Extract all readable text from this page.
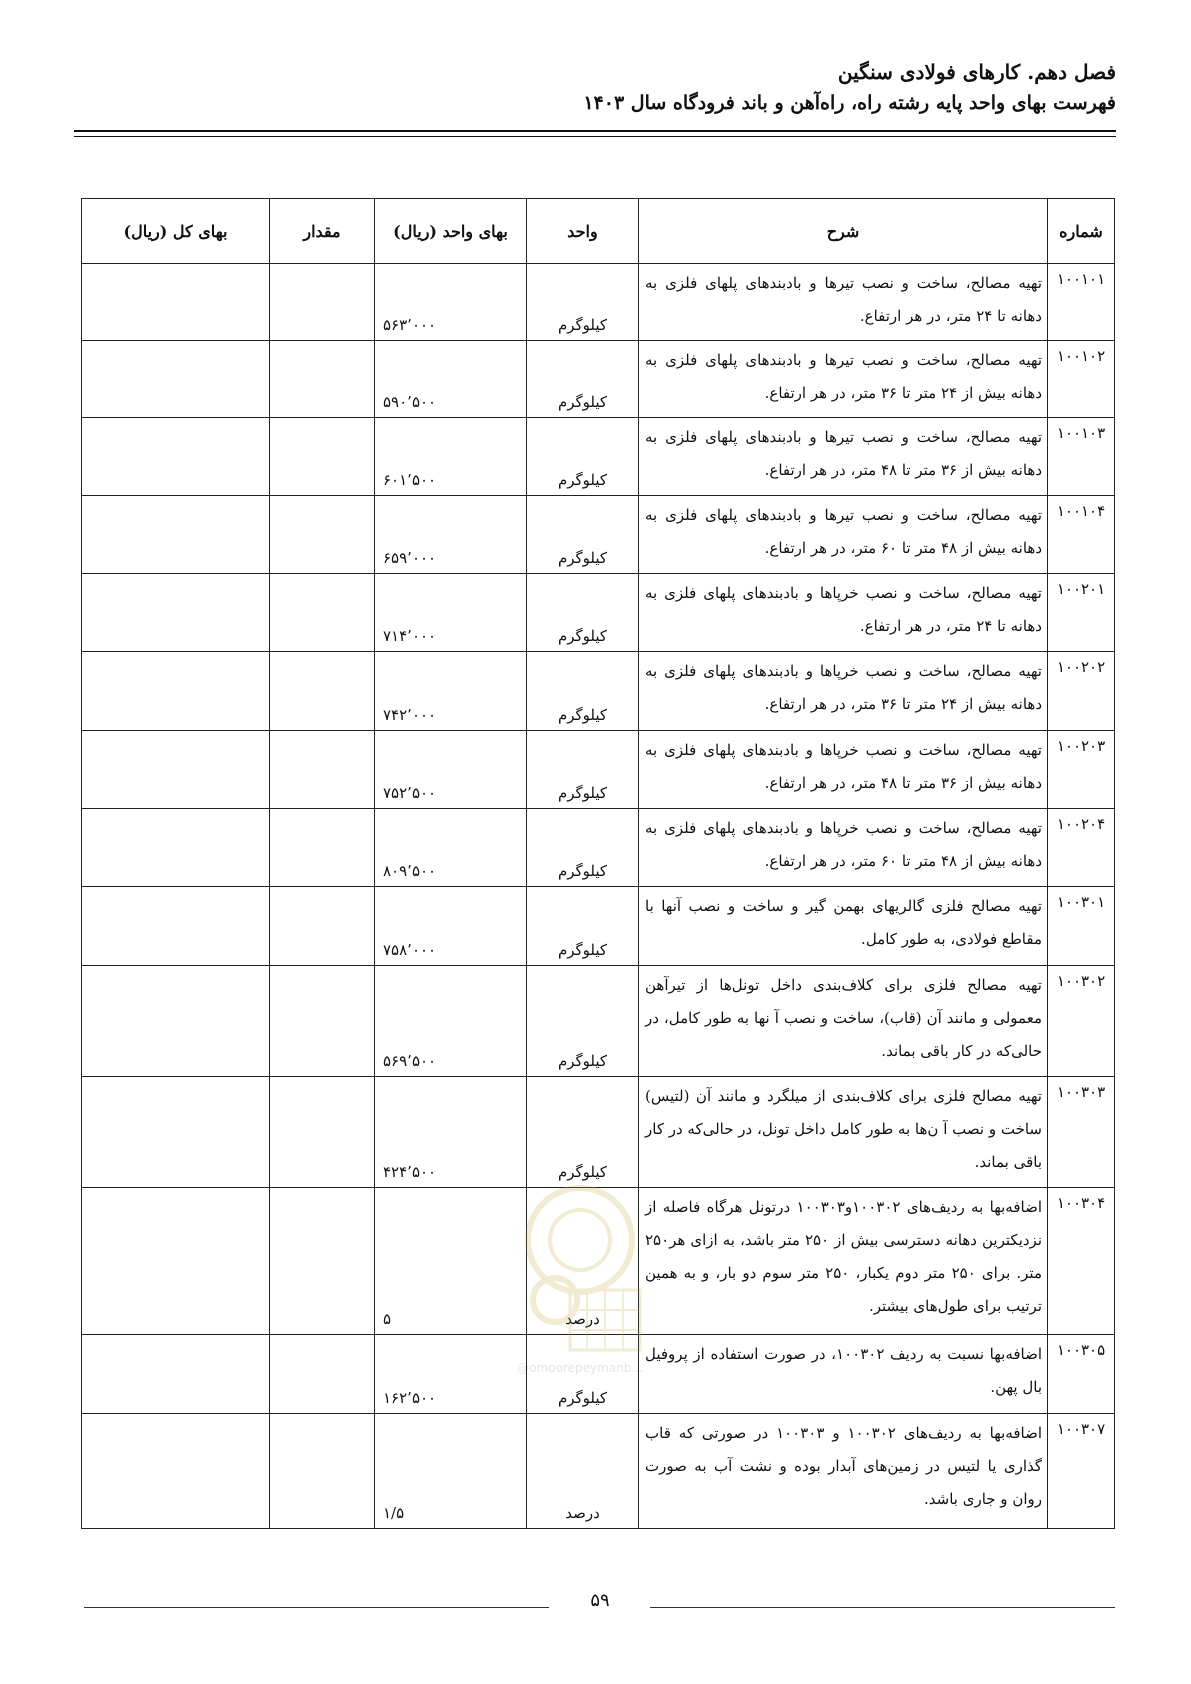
فصل دهم. کارهای فولادی سنگین
فهرست بهای واحد پایه رشته راه، راه‌آهن و باند فرودگاه سال ۱۴۰۳
شماره	شرح	واحد	بهای واحد (ریال)	مقدار	بهای کل (ریال)
۱۰۰۱۰۱	تهیه مصالح، ساخت و نصب تیرها و بادبندهای پلهای فلزی به دهانه تا ۲۴ متر، در هر ارتفاع.	کیلوگرم	۵۶۳٬۰۰۰		
۱۰۰۱۰۲	تهیه مصالح، ساخت و نصب تیرها و بادبندهای پلهای فلزی به دهانه بیش از ۲۴ متر تا ۳۶ متر، در هر ارتفاع.	کیلوگرم	۵۹۰٬۵۰۰		
۱۰۰۱۰۳	تهیه مصالح، ساخت و نصب تیرها و بادبندهای پلهای فلزی به دهانه بیش از ۳۶ متر تا ۴۸ متر، در هر ارتفاع.	کیلوگرم	۶۰۱٬۵۰۰		
۱۰۰۱۰۴	تهیه مصالح، ساخت و نصب تیرها و بادبندهای پلهای فلزی به دهانه بیش از ۴۸ متر تا ۶۰ متر، در هر ارتفاع.	کیلوگرم	۶۵۹٬۰۰۰		
۱۰۰۲۰۱	تهیه مصالح، ساخت و نصب خرپاها و بادبندهای پلهای فلزی به دهانه تا ۲۴ متر، در هر ارتفاع.	کیلوگرم	۷۱۴٬۰۰۰		
۱۰۰۲۰۲	تهیه مصالح، ساخت و نصب خرپاها و بادبندهای پلهای فلزی به دهانه بیش از ۲۴ متر تا ۳۶ متر، در هر ارتفاع.	کیلوگرم	۷۴۲٬۰۰۰		
۱۰۰۲۰۳	تهیه مصالح، ساخت و نصب خرپاها و بادبندهای پلهای فلزی به دهانه بیش از ۳۶ متر تا ۴۸ متر، در هر ارتفاع.	کیلوگرم	۷۵۲٬۵۰۰		
۱۰۰۲۰۴	تهیه مصالح، ساخت و نصب خرپاها و بادبندهای پلهای فلزی به دهانه بیش از ۴۸ متر تا ۶۰ متر، در هر ارتفاع.	کیلوگرم	۸۰۹٬۵۰۰		
۱۰۰۳۰۱	تهیه مصالح فلزی گالریهای بهمن گیر و ساخت و نصب آنها با مقاطع فولادی، به طور کامل.	کیلوگرم	۷۵۸٬۰۰۰		
۱۰۰۳۰۲	تهیه مصالح فلزی برای کلاف‌بندی داخل تونل‌ها از تیرآهن معمولی و مانند آن (قاب)، ساخت و نصب آ نها به طور کامل، در حالی‌که در کار باقی بماند.	کیلوگرم	۵۶۹٬۵۰۰		
۱۰۰۳۰۳	تهیه مصالح فلزی برای کلاف‌بندی از میلگرد و مانند آن (لتیس) ساخت و نصب آ ن‌ها به طور کامل داخل تونل، در حالی‌که در کار باقی بماند.	کیلوگرم	۴۲۴٬۵۰۰		
۱۰۰۳۰۴	اضافه‌بها به ردیف‌های ۱۰۰۳۰۲و۱۰۰۳۰۳ درتونل هرگاه فاصله از نزدیکترین دهانه دسترسی بیش از ۲۵۰ متر باشد، به ازای هر۲۵۰ متر. برای ۲۵۰ متر دوم یکبار، ۲۵۰ متر سوم دو بار، و به همین ترتیب برای طول‌های بیشتر.	درصد	۵		
۱۰۰۳۰۵	اضافه‌بها نسبت به ردیف ۱۰۰۳۰۲، در صورت استفاده از پروفیل بال پهن.	کیلوگرم	۱۶۲٬۵۰۰		
۱۰۰۳۰۷	اضافه‌بها به ردیف‌های ۱۰۰۳۰۲ و ۱۰۰۳۰۳ در صورتی که قاب گذاری یا لتیس در زمین‌های آبدار بوده و نشت آب به صورت روان و جاری باشد.	درصد	۱/۵		
@omoorepeymanb...
۵۹
